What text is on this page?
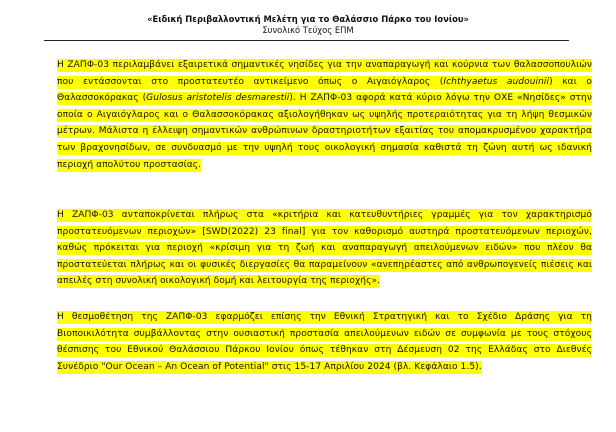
«Ειδική Περιβαλλοντική Μελέτη για το Θαλάσσιο Πάρκο του Ιονίου»
Συνολικό Τεύχος ΕΠΜ
Η ΖΑΠΦ-03 περιλαμβάνει εξαιρετικά σημαντικές νησίδες για την αναπαραγωγή και κούρνια των θαλασσοπουλιών που εντάσσονται στο προστατευτέο αντικείμενο όπως ο Αιγαιόγλαρος (Ichthyaetus audouinii) και ο Θαλασσοκόρακας (Gulosus aristotelis desmarestii). Η ΖΑΠΦ-03 αφορά κατά κύριο λόγω την ΟΧΕ «Νησίδες» στην οποία ο Αιγαιόγλαρος και ο Θαλασσοκόρακας αξιολογήθηκαν ως υψηλής προτεραιότητας για τη λήψη θεσμικών μέτρων. Μάλιστα η έλλειψη σημαντικών ανθρώπινων δραστηριοτήτων εξαιτίας του απομακρυσμένου χαρακτήρα των βραχονησίδων, σε συνδυασμό με την υψηλή τους οικολογική σημασία καθιστά τη ζώνη αυτή ως ιδανική περιοχή απολύτου προστασίας.
Η ΖΑΠΦ-03 ανταποκρίνεται πλήρως στα «κριτήρια και κατευθυντήριες γραμμές για τον χαρακτηρισμό προστατευόμενων περιοχών» [SWD(2022) 23 final] για τον καθορισμό αυστηρά προστατευόμενων περιοχών, καθώς πρόκειται για περιοχή «κρίσιμη για τη ζωή και αναπαραγωγή απειλούμενων ειδών» που πλέον θα προστατεύεται πλήρως και οι φυσικές διεργασίες θα παραμείνουν «ανεπηρέαστες από ανθρωπογενείς πιέσεις και απειλές στη συνολική οικολογική δομή και λειτουργία της περιοχής».
Η θεσμοθέτηση της ΖΑΠΦ-03 εφαρμόζει επίσης την Εθνική Στρατηγική και το Σχέδιο Δράσης για τη Βιοποικιλότητα συμβάλλοντας στην ουσιαστική προστασία απειλούμενων ειδών σε συμφωνία με τους στόχους θέσπισης του Εθνικού Θαλάσσιου Πάρκου Ιονίου όπως τέθηκαν στη Δέσμευση 02 της Ελλάδας στο Διεθνές Συνέδριο "Our Ocean – An Ocean of Potential" στις 15-17 Απριλίου 2024 (βλ. Κεφάλαιο 1.5).
